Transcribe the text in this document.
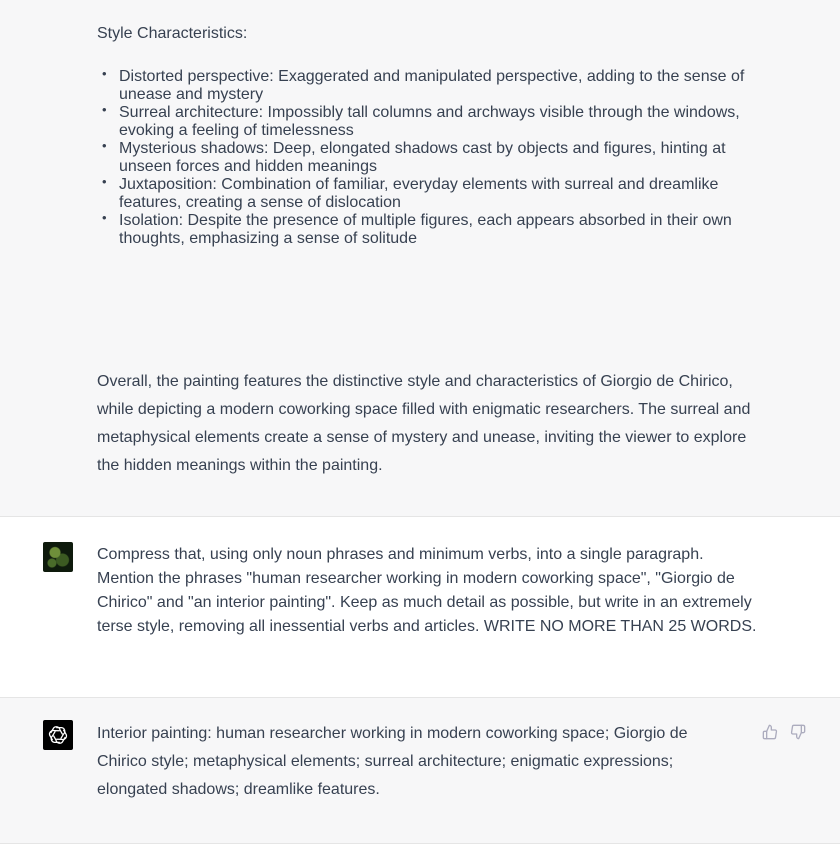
Style Characteristics:

• Distorted perspective: Exaggerated and manipulated perspective, adding to the sense of unease and mystery
• Surreal architecture: Impossibly tall columns and archways visible through the windows, evoking a feeling of timelessness
• Mysterious shadows: Deep, elongated shadows cast by objects and figures, hinting at unseen forces and hidden meanings
• Juxtaposition: Combination of familiar, everyday elements with surreal and dreamlike features, creating a sense of dislocation
• Isolation: Despite the presence of multiple figures, each appears absorbed in their own thoughts, emphasizing a sense of solitude

Overall, the painting features the distinctive style and characteristics of Giorgio de Chirico, while depicting a modern coworking space filled with enigmatic researchers. The surreal and metaphysical elements create a sense of mystery and unease, inviting the viewer to explore the hidden meanings within the painting.

Compress that, using only noun phrases and minimum verbs, into a single paragraph. Mention the phrases "human researcher working in modern coworking space", "Giorgio de Chirico" and "an interior painting". Keep as much detail as possible, but write in an extremely terse style, removing all inessential verbs and articles. WRITE NO MORE THAN 25 WORDS.

Interior painting: human researcher working in modern coworking space; Giorgio de Chirico style; metaphysical elements; surreal architecture; enigmatic expressions; elongated shadows; dreamlike features.
